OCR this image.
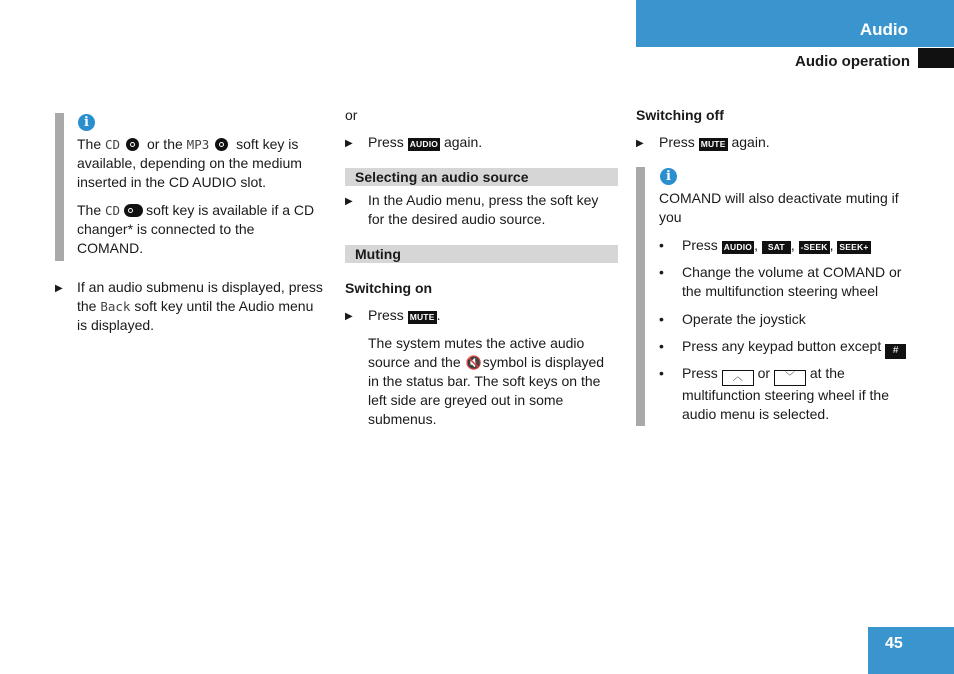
Audio
Audio operation
i

The CD or the MP3 soft key is

available, depending on the medium

inserted in the CD AUDIO slot.

The CD soft key is available if a CD

changer* is connected to the

COMAND.

▶ If an audio submenu is displayed, press

the Back soft key until the Audio menu

is displayed.

or
▶ Press AUDIO again.

Selecting an audio source
▶ In the Audio menu, press the soft key

for the desired audio source.

Muting
Switching on
▶ Press MUTE .

The system mutes the active audio

source and the 🔇symbol is displayed

in the status bar. The soft keys on the

left side are greyed out in some

submenus.

Switching off
▶ Press MUTE again.

i

COMAND will also deactivate muting if

you

• Press AUDIO , SAT , -SEEK , SEEK+

• Change the volume at COMAND or

the multifunction steering wheel

• Operate the joystick

• Press any keypad button except #

• Press ︿ or ﹀ at the

multifunction steering wheel if the

audio menu is selected.

45
